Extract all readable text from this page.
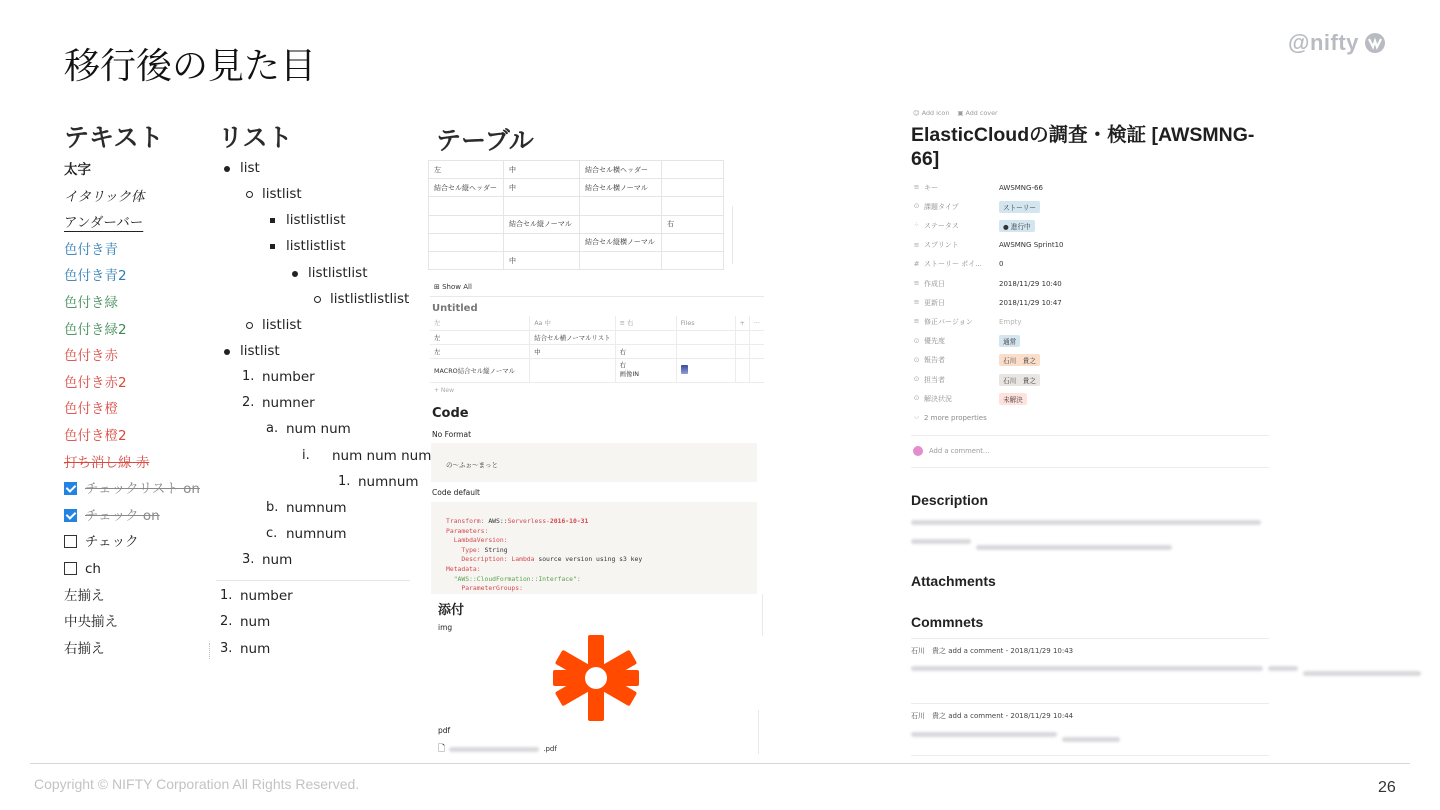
移行後の見た目
@nifty
テキスト リスト	テーブル
太字
イタリック体
アンダーバー
色付き青
色付き青2
色付き緑
色付き緑2
色付き赤
色付き赤2
色付き橙
色付き橙2
打ち消し線 赤
チェックリスト on
チェック on
チェック
ch
左揃え
中央揃え
右揃え
list
listlist
listlistlist
listlistlist
listlistlist
listlistlistlist
listlist
listlist
1. number
2. numner
a. num num
i. num num num
1. numnum
b. numnum
c. numnum
3. num
1. number
2. num
3. num
左	中	結合セル横ヘッダー	
結合セル縦ヘッダー	中	結合セル横ノーマル	

	結合セル縦ノーマル		右
		結合セル縦横ノーマル	
	中		
⊞ Show All
Untitled
左	Aa 中	≡ 右	Files	+	···
左	結合セル横ノーマルリスト				
左	中	右			
MACRO結合セル縦ノーマル		右
画像IN			

+ New
Code
No Format
の〜ふぉ〜まっと
Code default
Transform: AWS::Serverless-2016-10-31
Parameters:
LambdaVersion:
Type: String
Description: Lambda source version using s3 key
Metadata:
"AWS::CloudFormation::Interface":
ParameterGroups:
添付
img
pdf
🗋	.pdf
☺ Add icon ▣ Add cover
ElasticCloudの調査・検証 [AWSMNG-66]
≡ キー	AWSMNG-66
⊙ 課題タイプ	ストーリー
⁘ ステータス	● 進行中
≡ スプリント	AWSMNG Sprint10
# ストーリー ポイ... 0
≡ 作成日	2018/11/29 10:40
≡ 更新日	2018/11/29 10:47
≡ 修正バージョン	Empty
⊙ 優先度	通常
⊙ 報告者	石川　貴之
⊙ 担当者	石川　貴之
⊙ 解決状況	未解決
⌵ 2 more properties
Add a comment...
Description

Attachments
Commnets
石川　貴之 add a comment - 2018/11/29 10:43

石川　貴之 add a comment - 2018/11/29 10:44

Copyright © NIFTY Corporation All Rights Reserved.	26
